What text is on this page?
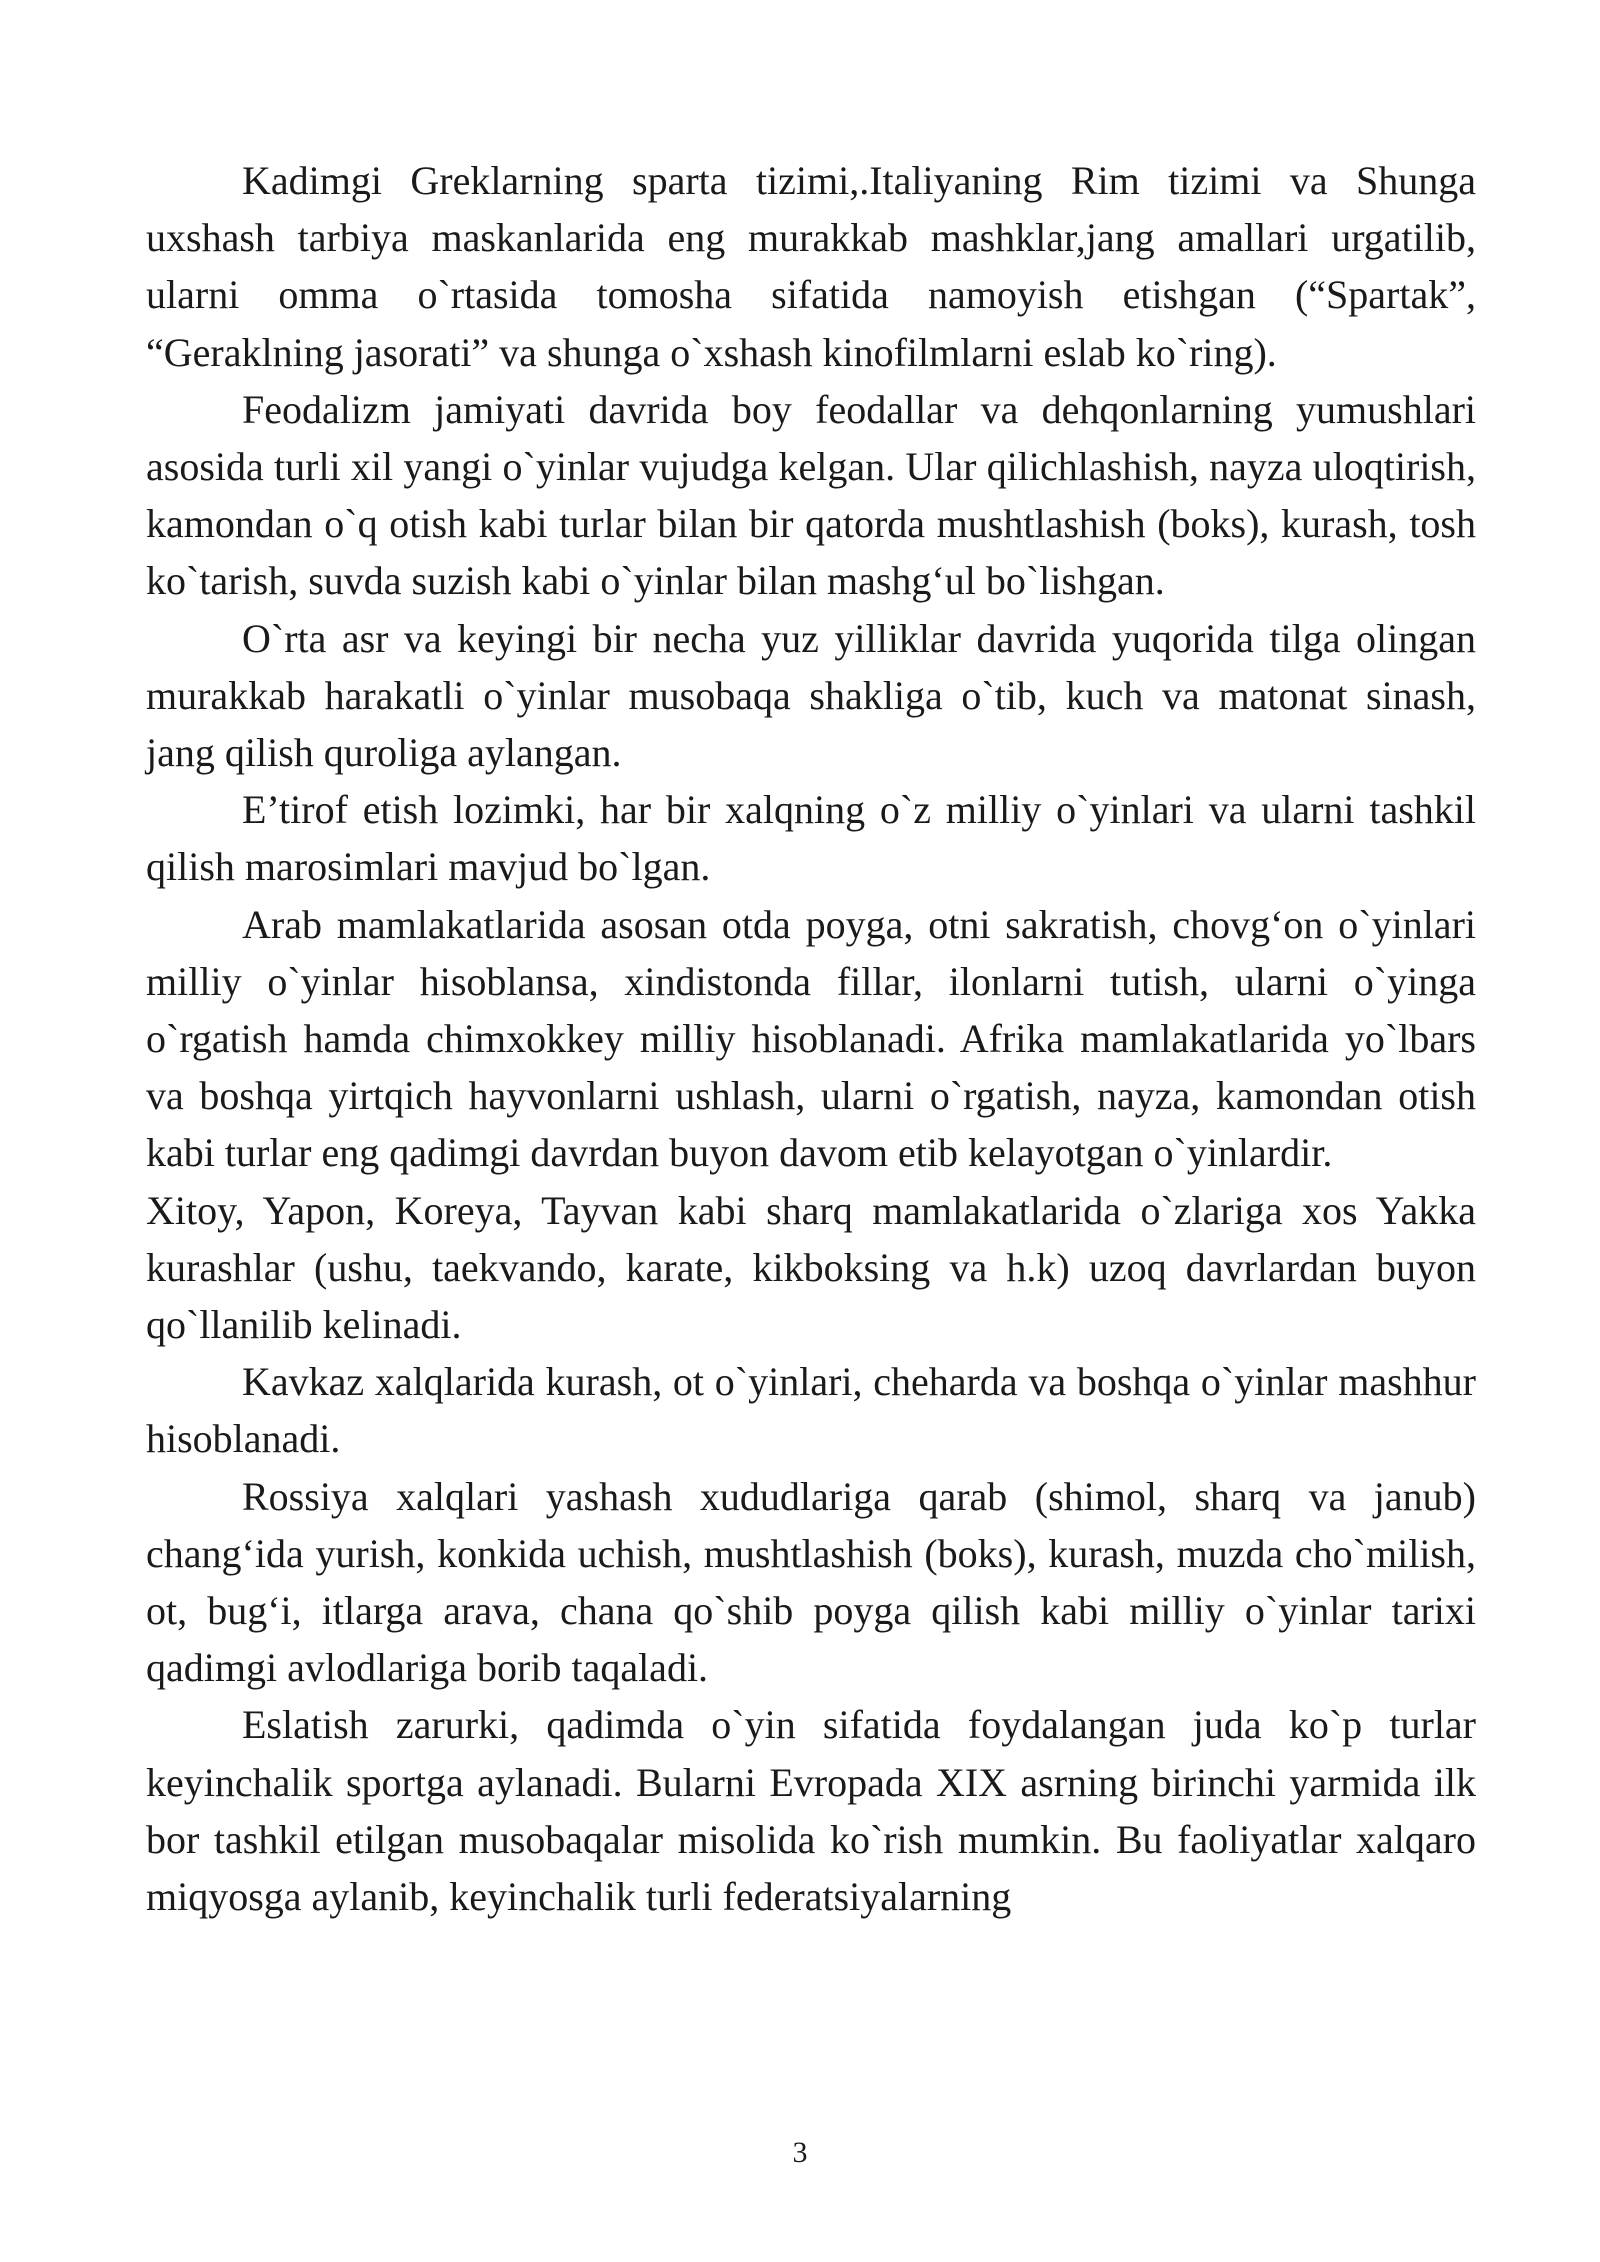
Kadimgi Greklarning sparta tizimi,.Italiyaning Rim tizimi va Shunga uxshash tarbiya maskanlarida eng murakkab mashklar,jang amallari urgatilib, ularni omma o`rtasida tomosha sifatida namoyish etishgan (“Spartak”, “Geraklning jasorati” va shunga o`xshash kinofilmlarni eslab ko`ring).

Feodalizm jamiyati davrida boy feodallar va dehqonlarning yumushlari asosida turli xil yangi o`yinlar vujudga kelgan. Ular qilichlashish, nayza uloqtirish, kamondan o`q otish kabi turlar bilan bir qatorda mushtlashish (boks), kurash, tosh ko`tarish, suvda suzish kabi o`yinlar bilan mashg‘ul bo`lishgan.

O`rta asr va keyingi bir necha yuz yilliklar davrida yuqorida tilga olingan murakkab harakatli o`yinlar musobaqa shakliga o`tib, kuch va matonat sinash, jang qilish quroliga aylangan.

E’tirof etish lozimki, har bir xalqning o`z milliy o`yinlari va ularni tashkil qilish marosimlari mavjud bo`lgan.

Arab mamlakatlarida asosan otda poyga, otni sakratish, chovg‘on o`yinlari milliy o`yinlar hisoblansa, xindistonda fillar, ilonlarni tutish, ularni o`yinga o`rgatish hamda chimxokkey milliy hisoblanadi. Afrika mamlakatlarida yo`lbars va boshqa yirtqich hayvonlarni ushlash, ularni o`rgatish, nayza, kamondan otish kabi turlar eng qadimgi davrdan buyon davom etib kelayotgan o`yinlardir.

Xitoy, Yapon, Koreya, Tayvan kabi sharq mamlakatlarida o`zlariga xos Yakka kurashlar (ushu, taekvando, karate, kikboksing va h.k) uzoq davrlardan buyon qo`llanilib kelinadi.

Kavkaz xalqlarida kurash, ot o`yinlari, cheharda va boshqa o`yinlar mashhur hisoblanadi.

Rossiya xalqlari yashash xududlariga qarab (shimol, sharq va janub) chang‘ida yurish, konkida uchish, mushtlashish (boks), kurash, muzda cho`milish, ot, bug‘i, itlarga arava, chana qo`shib poyga qilish kabi milliy o`yinlar tarixi qadimgi avlodlariga borib taqaladi.

Eslatish zarurki, qadimda o`yin sifatida foydalangan juda ko`p turlar keyinchalik sportga aylanadi. Bularni Evropada XIX asrning birinchi yarmida ilk bor tashkil etilgan musobaqalar misolida ko`rish mumkin. Bu faoliyatlar xalqaro miqyosga aylanib, keyinchalik turli federatsiyalarning

3
